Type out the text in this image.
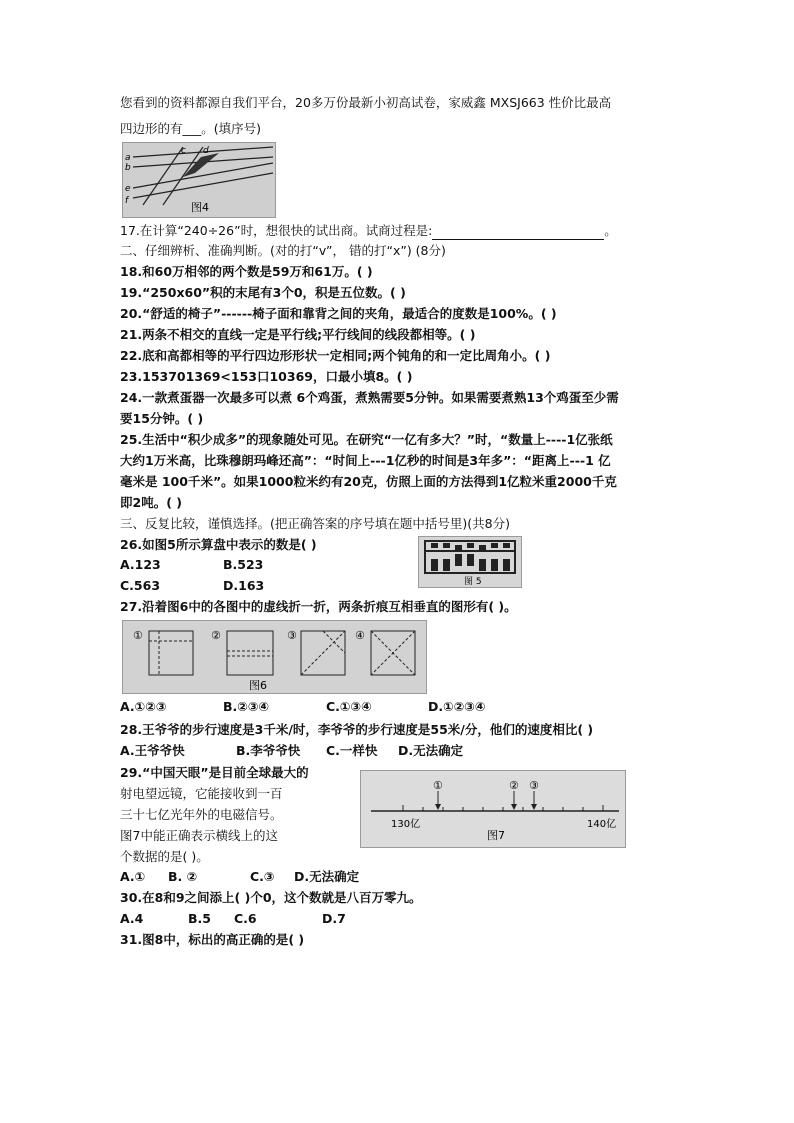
您看到的资料都源自我们平台，20多万份最新小初高试卷，家威鑫 MXSJ663 性价比最高
四边形的有___。(填序号)
a
b
c d
e
f	图4
17.在计算“240÷26”时，想很快的试出商。试商过程是:	。
二、仔细辨析、准确判断。(对的打“v”， 错的打“x”) (8分)
18.和60万相邻的两个数是59万和61万。( )
19.“250x60”积的末尾有3个0，积是五位数。( )
20.“舒适的椅子”------椅子面和靠背之间的夹角，最适合的度数是100%。( )
21.两条不相交的直线一定是平行线;平行线间的线段都相等。( )
22.底和高都相等的平行四边形形状一定相同;两个钝角的和一定比周角小。( )
23.153701369<153口10369，口最小填8。( )
24.一款煮蛋器一次最多可以煮 6个鸡蛋，煮熟需要5分钟。如果需要煮熟13个鸡蛋至少需
要15分钟。( )
25.生活中“积少成多”的现象随处可见。在研究“一亿有多大？”时，“数量上----1亿张纸
大约1万米高，比珠穆朗玛峰还高”：“时间上---1亿秒的时间是3年多”：“距离上---1 亿
毫米是 100千米”。如果1000粒米约有20克，仿照上面的方法得到1亿粒米重2000千克
即2吨。( )
三、反复比较，谨慎选择。(把正确答案的序号填在题中括号里)(共8分)
26.如图5所示算盘中表示的数是( )
A.123	B.523
C.563	D.163	图 5
27.沿着图6中的各图中的虚线折一折，两条折痕互相垂直的图形有( )。
①	②	③	④
图6
A.①②③	B.②③④	C.①③④	D.①②③④
28.王爷爷的步行速度是3千米/时，李爷爷的步行速度是55米/分，他们的速度相比( )
A.王爷爷快	B.李爷爷快 C.一样快 D.无法确定
29.“中国天眼”是目前全球最大的
射电望远镜，它能接收到一百
三十七亿光年外的电磁信号。
图7中能正确表示横线上的这
个数据的是( )。
①	② ③
130亿	140亿
图7
A.① B. ②	C.③ D.无法确定
30.在8和9之间添上( )个0，这个数就是八百万零九。
A.4	B.5 C.6	D.7
31.图8中，标出的高正确的是( )
